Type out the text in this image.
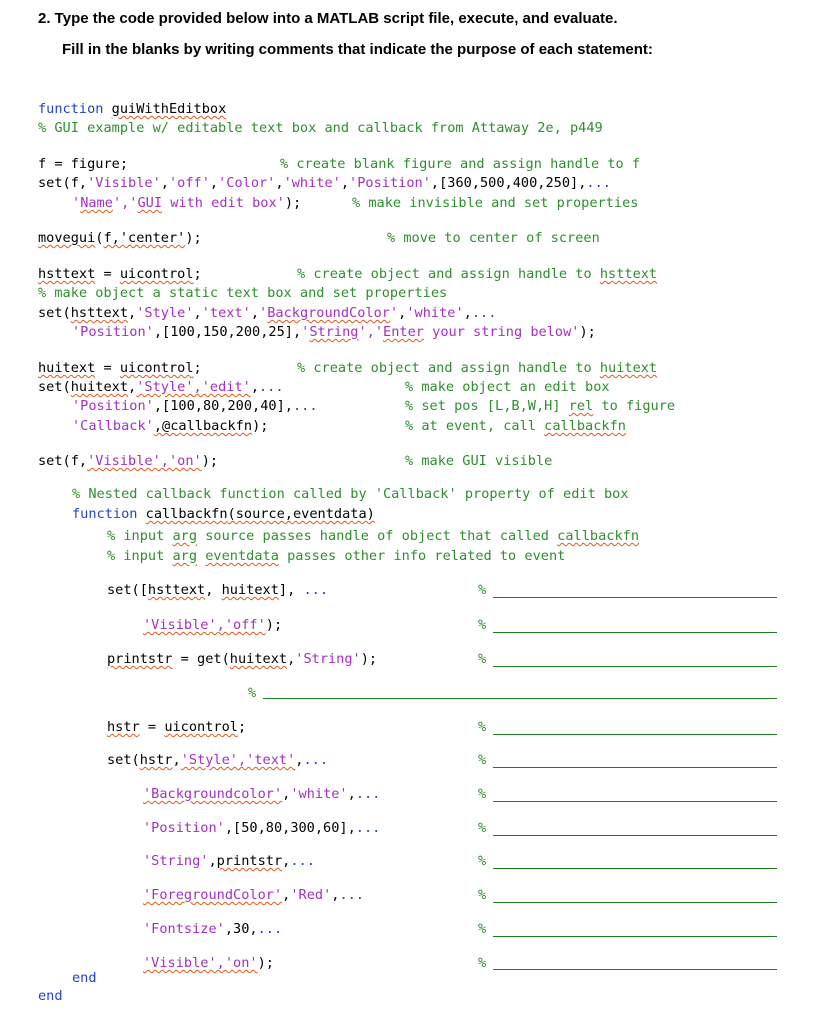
2. Type the code provided below into a MATLAB script file, execute, and evaluate.
Fill in the blanks by writing comments that indicate the purpose of each statement:
function guiWithEditbox
% GUI example w/ editable text box and callback from Attaway 2e, p449
f = figure;	% create blank figure and assign handle to f
set(f,'Visible','off','Color','white','Position',[360,500,400,250],...
'Name','GUI with edit box');	% make invisible and set properties
movegui(f,'center');	% move to center of screen
hsttext = uicontrol;	% create object and assign handle to hsttext
% make object a static text box and set properties
set(hsttext,'Style','text','BackgroundColor','white',...
'Position',[100,150,200,25],'String','Enter your string below');
huitext = uicontrol;	% create object and assign handle to huitext
set(huitext,'Style','edit',...	% make object an edit box
'Position',[100,80,200,40],...	% set pos [L,B,W,H] rel to figure
'Callback',@callbackfn);	% at event, call callbackfn
set(f,'Visible','on');	% make GUI visible
% Nested callback function called by 'Callback' property of edit box
function callbackfn(source,eventdata)
% input arg source passes handle of object that called callbackfn
% input arg eventdata passes other info related to event
set([hsttext, huitext], ...	%
'Visible','off');	%
printstr = get(huitext,'String');	%
%
hstr = uicontrol;	%
set(hstr,'Style','text',...	%
'Backgroundcolor','white',...	%
'Position',[50,80,300,60],...	%
'String',printstr,...	%
'ForegroundColor','Red',...	%
'Fontsize',30,...	%
'Visible','on');	%
end
end
